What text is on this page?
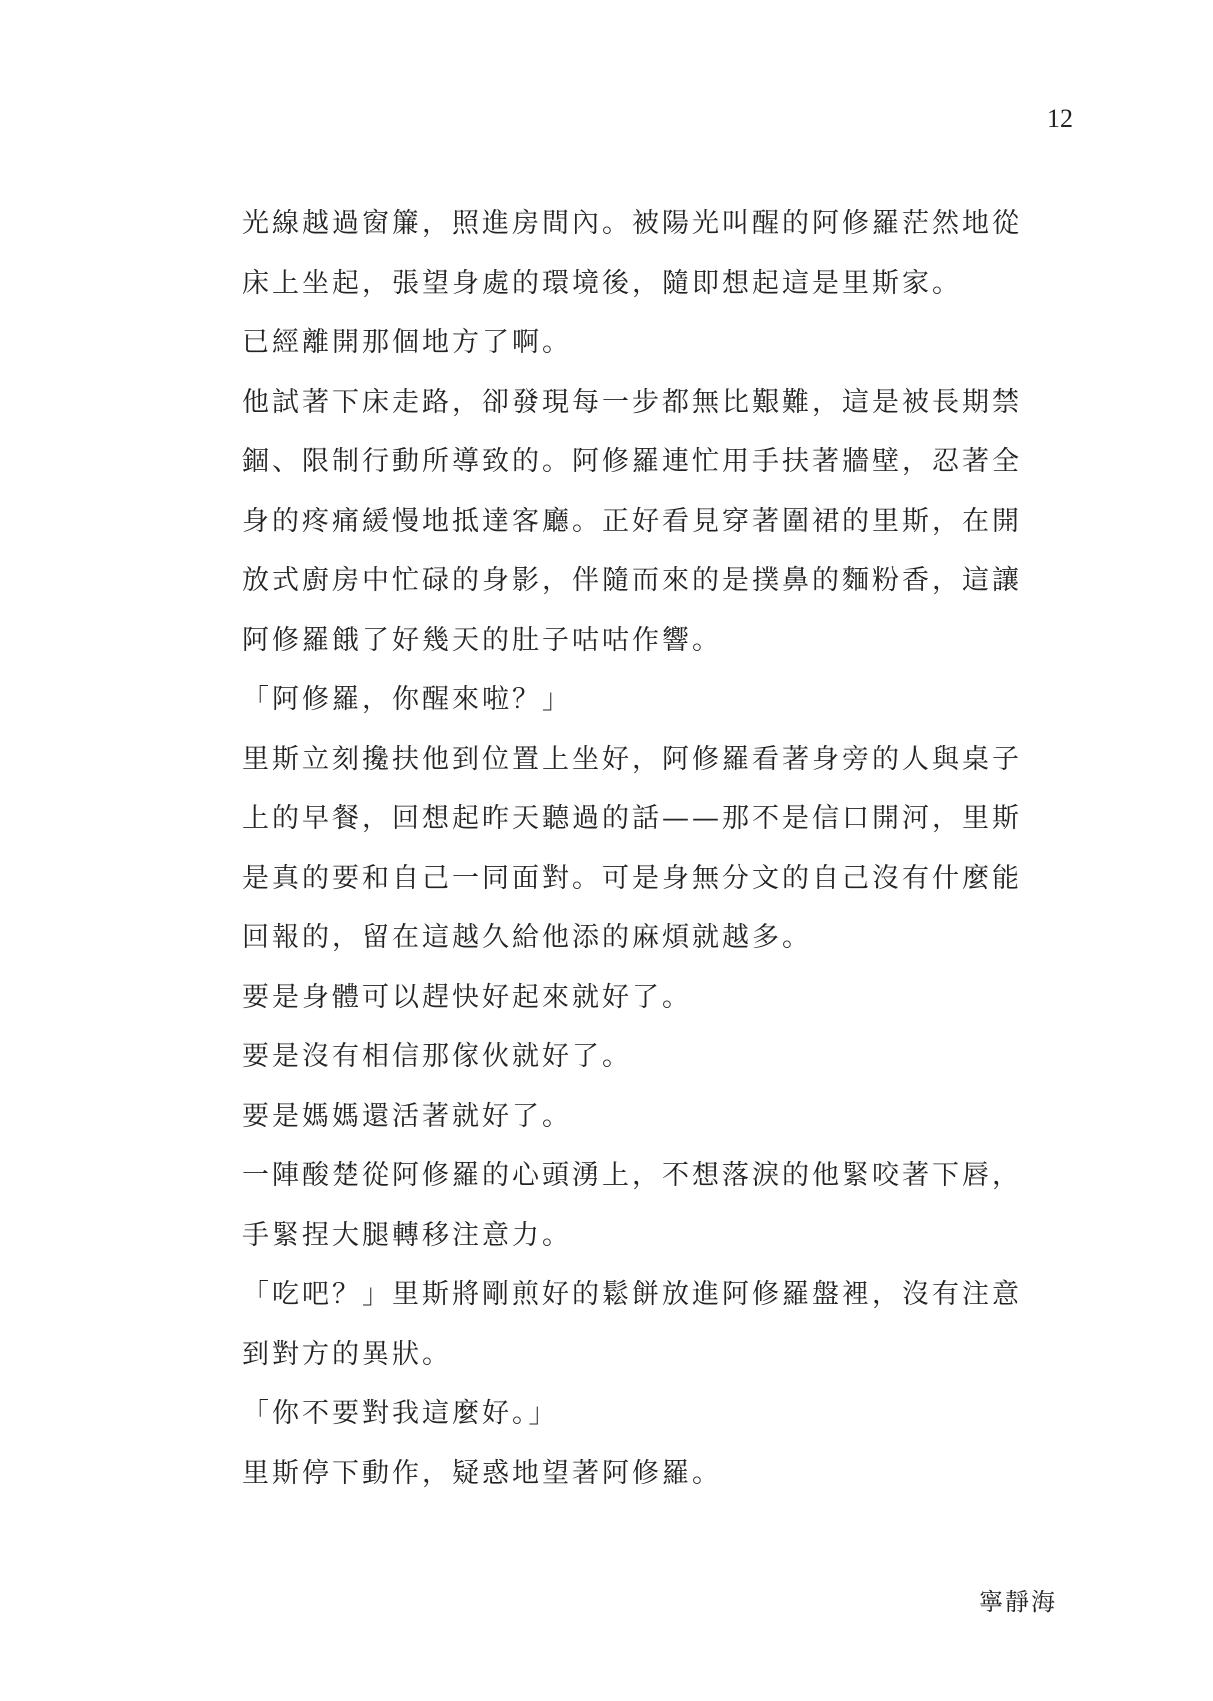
12
光線越過窗簾，照進房間內。被陽光叫醒的阿修羅茫然地從
床上坐起，張望身處的環境後，隨即想起這是里斯家。
已經離開那個地方了啊。
他試著下床走路，卻發現每一步都無比艱難，這是被長期禁
錮、限制行動所導致的。阿修羅連忙用手扶著牆壁，忍著全
身的疼痛緩慢地抵達客廳。正好看見穿著圍裙的里斯，在開
放式廚房中忙碌的身影，伴隨而來的是撲鼻的麵粉香，這讓
阿修羅餓了好幾天的肚子咕咕作響。
「阿修羅，你醒來啦？」
里斯立刻攙扶他到位置上坐好，阿修羅看著身旁的人與桌子
上的早餐，回想起昨天聽過的話——那不是信口開河，里斯
是真的要和自己一同面對。可是身無分文的自己沒有什麼能
回報的，留在這越久給他添的麻煩就越多。
要是身體可以趕快好起來就好了。
要是沒有相信那傢伙就好了。
要是媽媽還活著就好了。
一陣酸楚從阿修羅的心頭湧上，不想落淚的他緊咬著下唇，
手緊捏大腿轉移注意力。
「吃吧？」里斯將剛煎好的鬆餅放進阿修羅盤裡，沒有注意
到對方的異狀。
「你不要對我這麼好。」
里斯停下動作，疑惑地望著阿修羅。
寧靜海
